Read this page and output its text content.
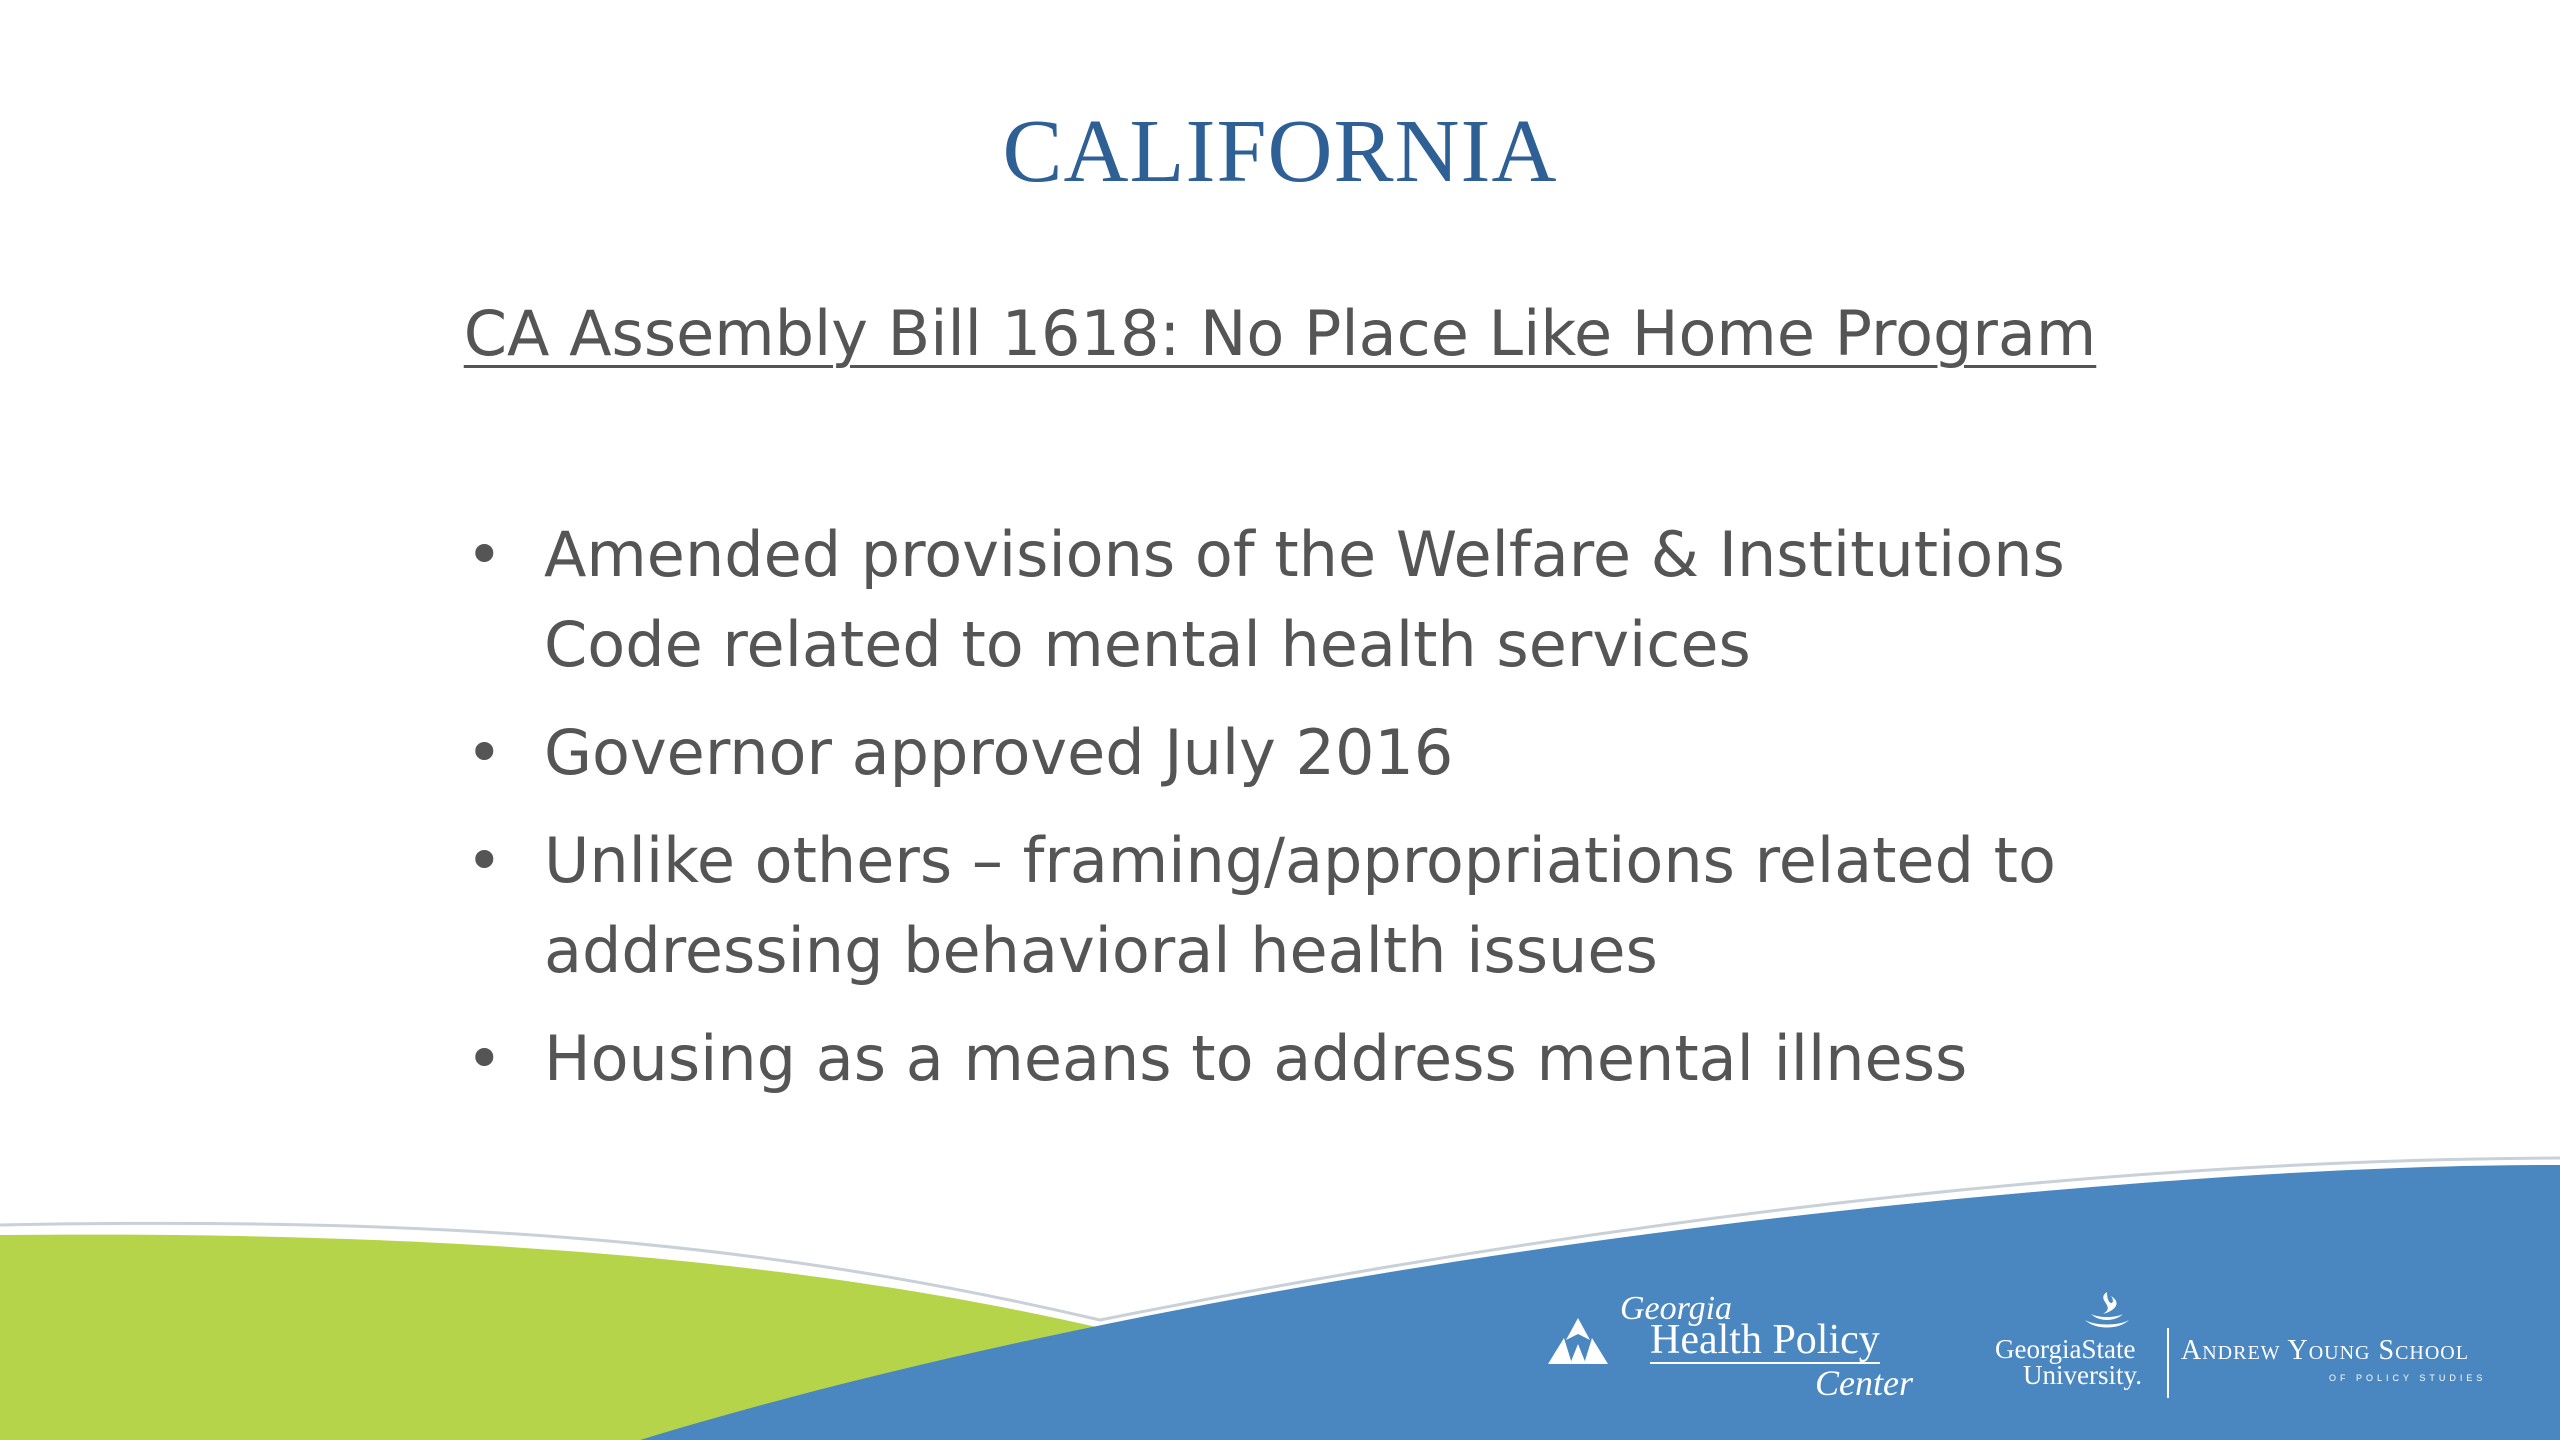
CALIFORNIA
CA Assembly Bill 1618: No Place Like Home Program
• Amended provisions of the Welfare & Institutions Code related to mental health services
• Governor approved July 2016
• Unlike others – framing/appropriations related to addressing behavioral health issues
• Housing as a means to address mental illness
Georgia
Health Policy
Center
GeorgiaState
University.
Andrew Young School
OF POLICY STUDIES
